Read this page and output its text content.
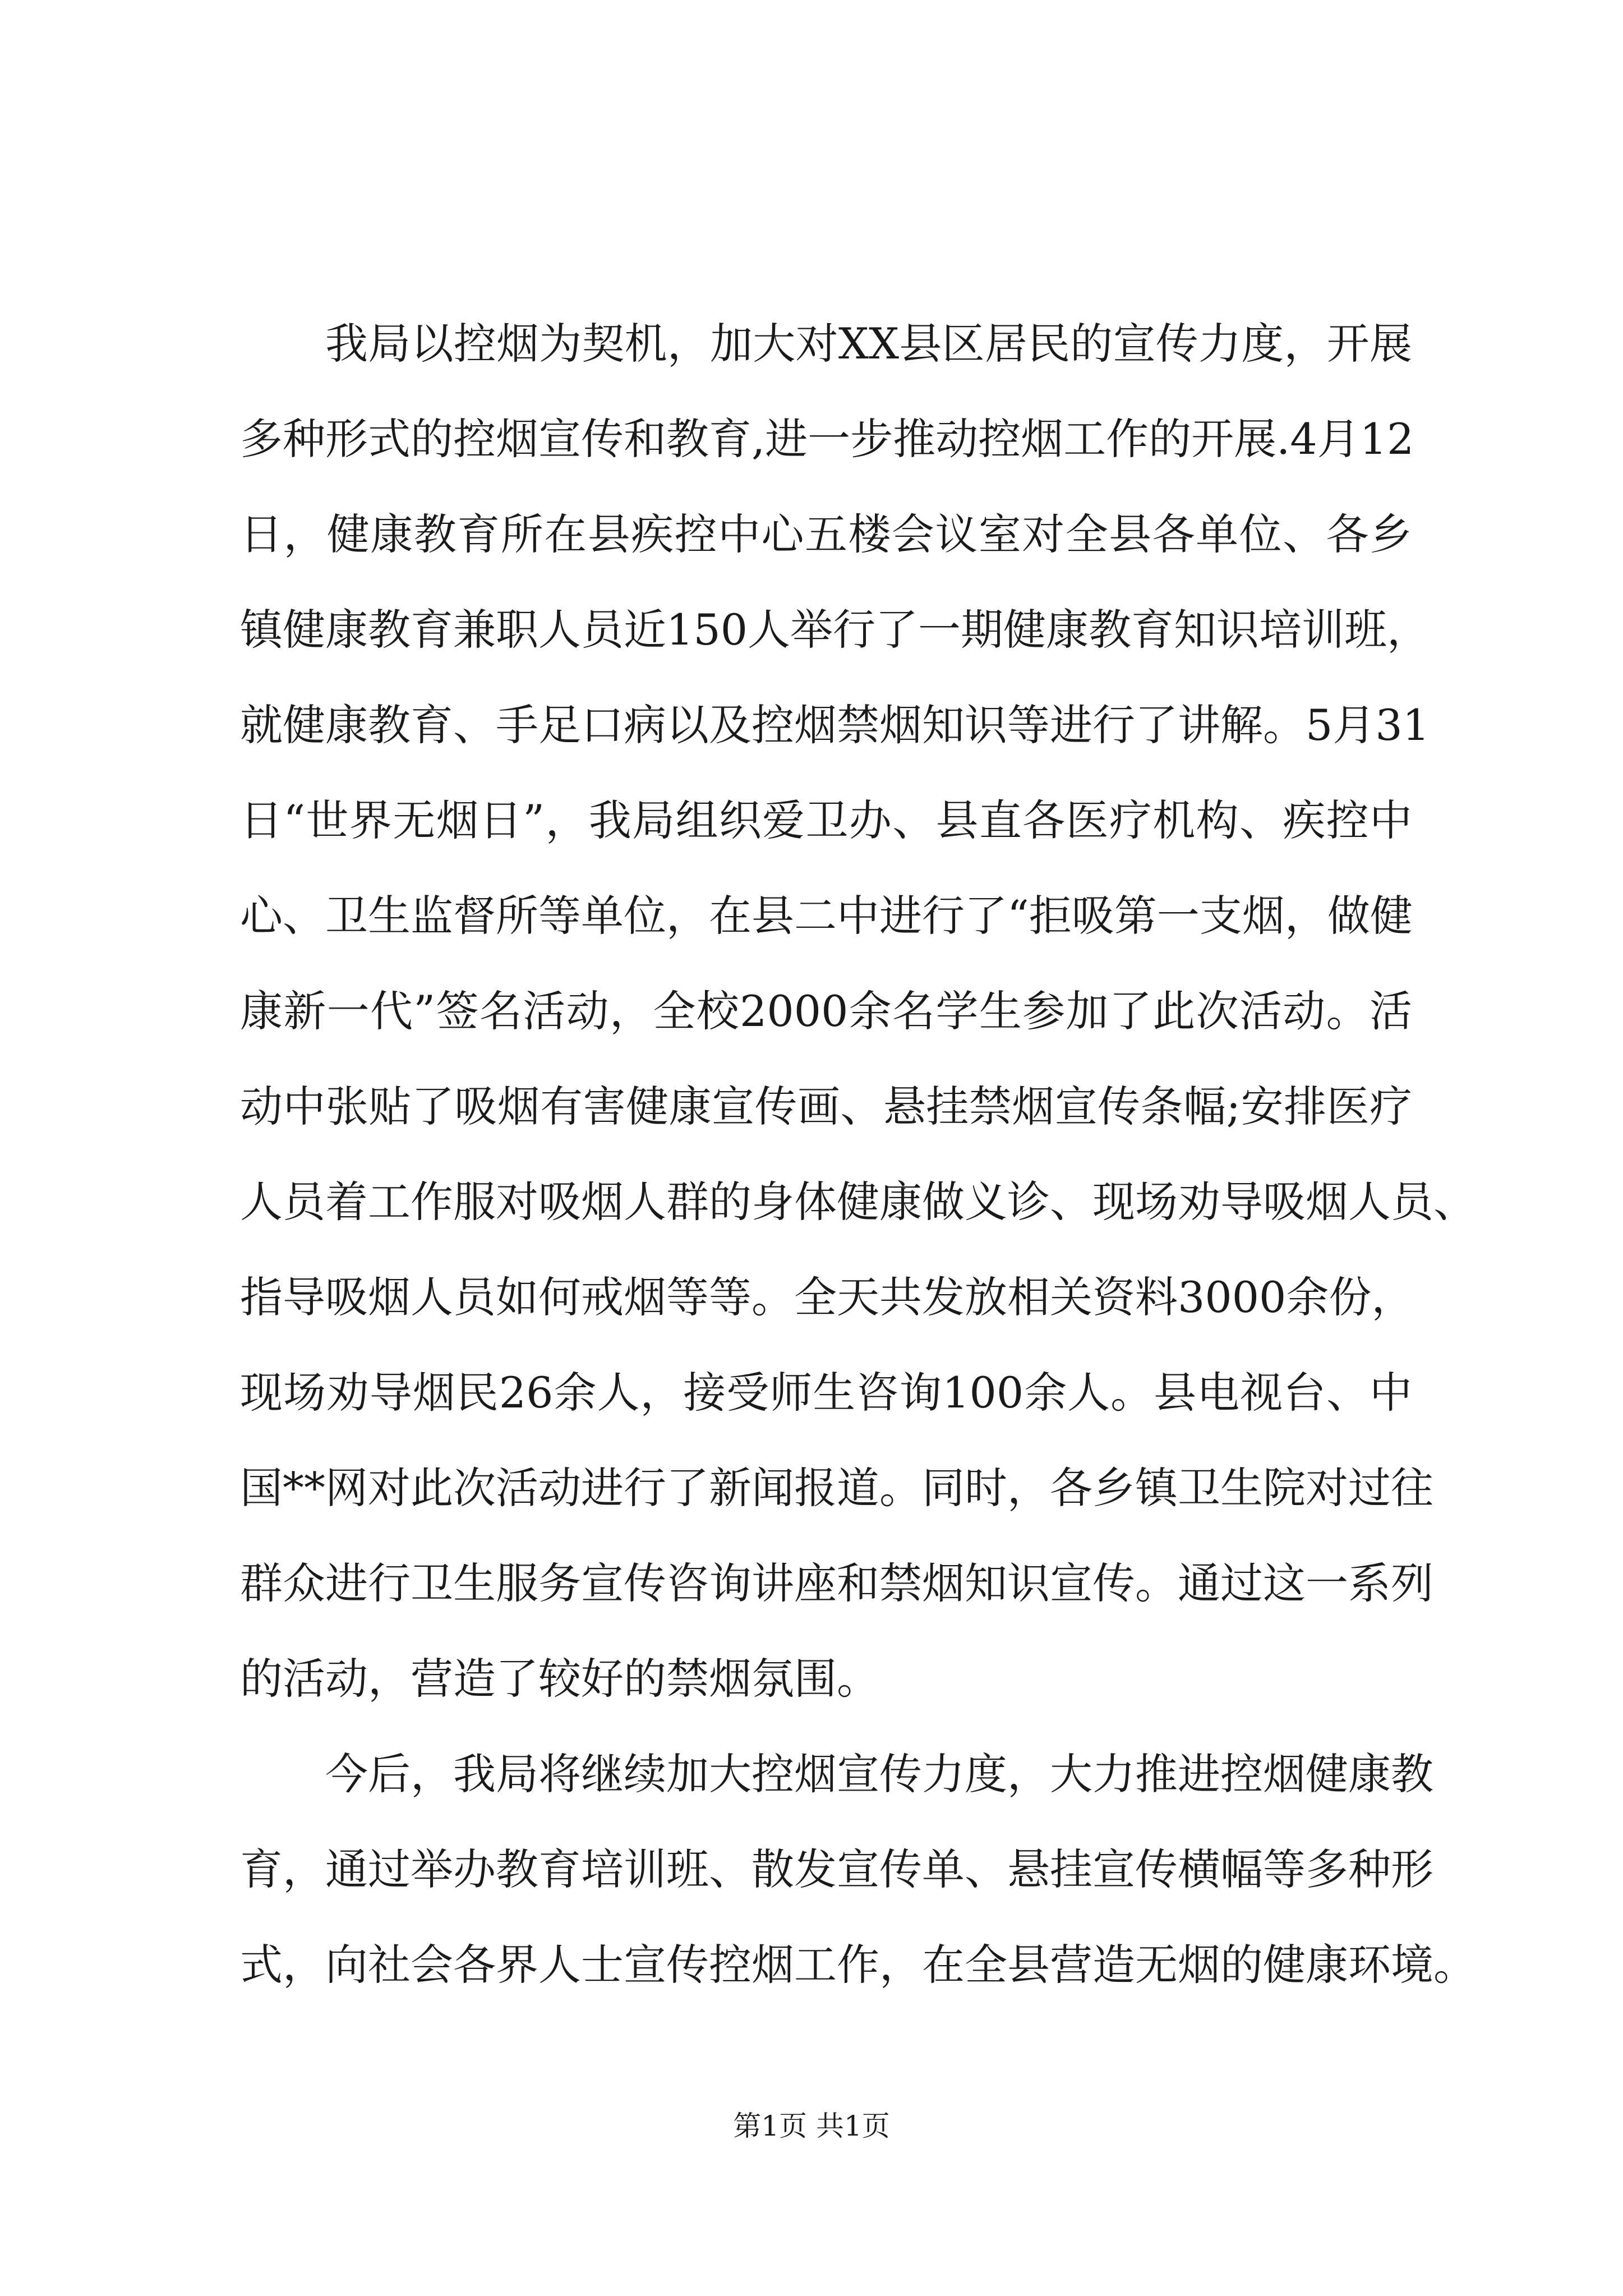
我局以控烟为契机，加大对XX县区居民的宣传力度，开展
多种形式的控烟宣传和教育,进一步推动控烟工作的开展.4月12
日，健康教育所在县疾控中心五楼会议室对全县各单位、各乡
镇健康教育兼职人员近150人举行了一期健康教育知识培训班，
就健康教育、手足口病以及控烟禁烟知识等进行了讲解。5月31
日“世界无烟日”，我局组织爱卫办、县直各医疗机构、疾控中
心、卫生监督所等单位，在县二中进行了“拒吸第一支烟，做健
康新一代”签名活动，全校2000余名学生参加了此次活动。活
动中张贴了吸烟有害健康宣传画、悬挂禁烟宣传条幅;安排医疗
人员着工作服对吸烟人群的身体健康做义诊、现场劝导吸烟人员、
指导吸烟人员如何戒烟等等。全天共发放相关资料3000余份，
现场劝导烟民26余人，接受师生咨询100余人。县电视台、中
国**网对此次活动进行了新闻报道。同时，各乡镇卫生院对过往
群众进行卫生服务宣传咨询讲座和禁烟知识宣传。通过这一系列
的活动，营造了较好的禁烟氛围。
今后，我局将继续加大控烟宣传力度，大力推进控烟健康教
育，通过举办教育培训班、散发宣传单、悬挂宣传横幅等多种形
式，向社会各界人士宣传控烟工作，在全县营造无烟的健康环境。
第1页 共1页
